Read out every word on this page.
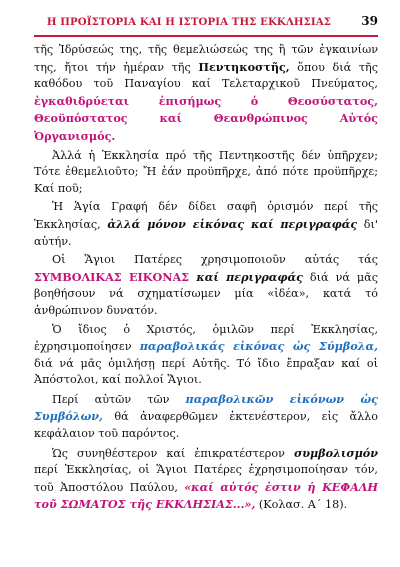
Η ΠΡΟΪΣΤΟΡΙΑ ΚΑΙ Η ΙΣΤΟΡΙΑ ΤΗΣ ΕΚΚΛΗΣΙΑΣ	39

τῆς Ἱδρύσεώς της, τῆς θεμελιώσεώς της ἢ τῶν ἐγκαινίων της, ἤτοι τήν ἡμέραν τῆς Πεντηκοστῆς, ὅπου διά τῆς καθόδου τοῦ Παναγίου καί Τελεταρχικοῦ Πνεύματος, ἐγκαθιδρύεται ἐπισήμως ὁ Θεοσύστατος, Θεοϋπόστατος καί Θεανθρώπινος Αὐτός Ὀργανισμός.

Ἀλλά ἡ Ἐκκλησία πρό τῆς Πεντηκοστῆς δέν ὑπῆρχεν; Τότε ἐθεμελιοῦτο; Ἤ ἐάν προϋπῆρχε, ἀπό πότε προϋπῆρχε; Καί ποῦ;

Ἡ Ἁγία Γραφή δέν δίδει σαφῆ ὁρισμόν περί τῆς Ἐκκλησίας, ἀλλά μόνον εἰκόνας καί περιγραφάς δι' αὐτήν.

Οἱ Ἅγιοι Πατέρες χρησιμοποιοῦν αὐτάς τάς ΣΥΜΒΟΛΙΚΑΣ ΕΙΚΟΝΑΣ καί περιγραφάς διά νά μᾶς βοηθήσουν νά σχηματίσωμεν μία «ἰδέα», κατά τό ἀνθρώπινον δυνατόν.

Ὁ ἴδιος ὁ Χριστός, ὁμιλῶν περί Ἐκκλησίας, ἐχρησιμοποίησεν παραβολικάς εἰκόνας ὡς Σύμβολα, διά νά μᾶς ὁμιλήσῃ περί Αὐτῆς. Τό ἴδιο ἔπραξαν καί οἱ Ἀπόστολοι, καί πολλοί Ἅγιοι.

Περί αὐτῶν τῶν παραβολικῶν εἰκόνων ὡς Συμβόλων, θά ἀναφερθῶμεν ἐκτενέστερον, εἰς ἄλλο κεφάλαιον τοῦ παρόντος.

Ὡς συνηθέστερον καί ἐπικρατέστερον συμβολισμόν περί Ἐκκλησίας, οἱ Ἅγιοι Πατέρες ἐχρησιμοποίησαν τόν, τοῦ Ἀποστόλου Παύλου, «καί αὐτός ἐστιν ἡ ΚΕΦΑΛΗ τοῦ ΣΩΜΑΤΟΣ τῆς ΕΚΚΛΗΣΙΑΣ...», (Κολασ. Α´ 18).
